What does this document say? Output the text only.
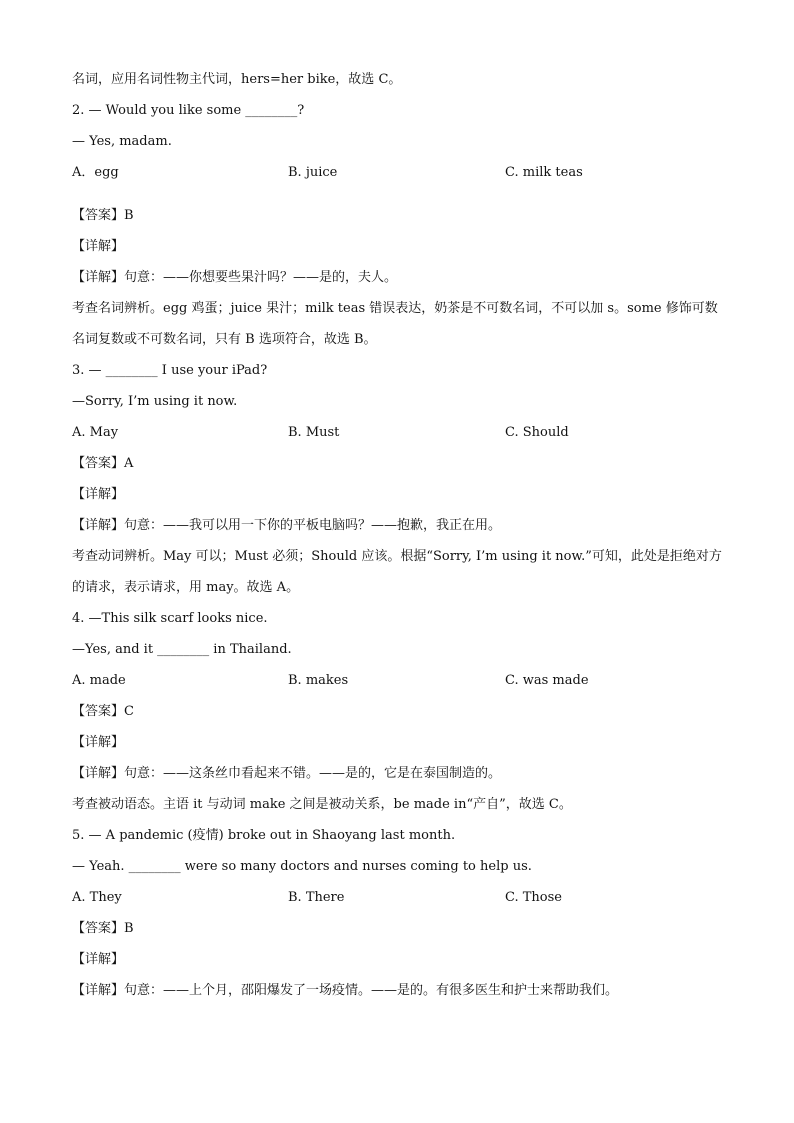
名词，应用名词性物主代词，hers=her bike，故选 C。
2. — Would you like some ________?
— Yes, madam.
A．egg	B. juice	C. milk teas
【答案】B
【详解】
【详解】句意：——你想要些果汁吗？——是的，夫人。
考查名词辨析。egg 鸡蛋；juice 果汁；milk teas 错误表达，奶茶是不可数名词，不可以加 s。some 修饰可数
名词复数或不可数名词，只有 B 选项符合，故选 B。
3. — ________ I use your iPad?
—Sorry, I’m using it now.
A. May	B. Must	C. Should
【答案】A
【详解】
【详解】句意：——我可以用一下你的平板电脑吗？——抱歉，我正在用。
考查动词辨析。May 可以；Must 必须；Should 应该。根据“Sorry, I’m using it now.”可知，此处是拒绝对方
的请求，表示请求，用 may。故选 A。
4. —This silk scarf looks nice.
—Yes, and it ________ in Thailand.
A. made	B. makes	C. was made
【答案】C
【详解】
【详解】句意：——这条丝巾看起来不错。——是的，它是在泰国制造的。
考查被动语态。主语 it 与动词 make 之间是被动关系，be made in“产自”，故选 C。
5. — A pandemic (疫情) broke out in Shaoyang last month.
— Yeah. ________ were so many doctors and nurses coming to help us.
A. They	B. There	C. Those
【答案】B
【详解】
【详解】句意：——上个月，邵阳爆发了一场疫情。——是的。有很多医生和护士来帮助我们。
